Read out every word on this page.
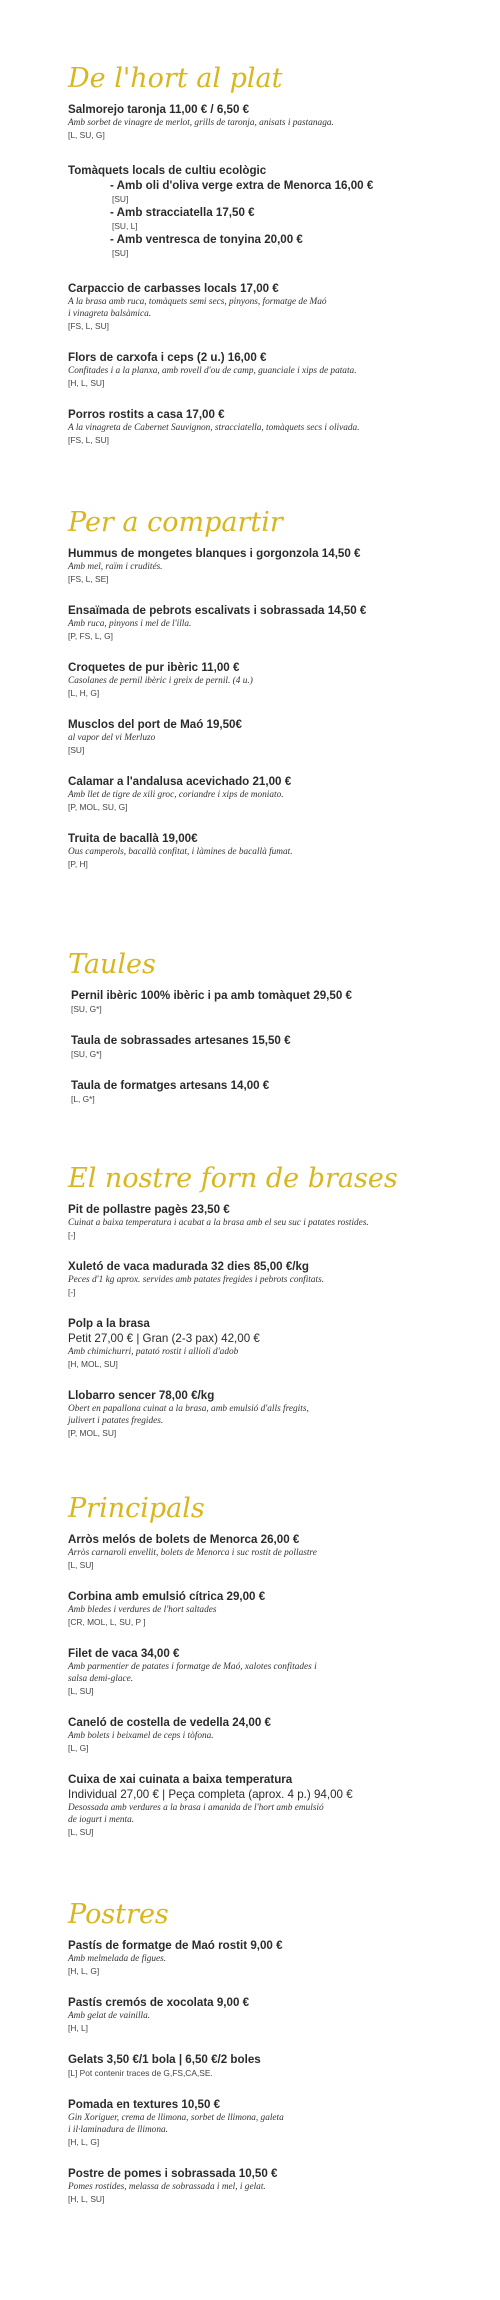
De l'hort al plat
Salmorejo taronja 11,00 € / 6,50 €
Amb sorbet de vinagre de merlot, grills de taronja, anisats i pastanaga.
[L, SU, G]
Tomàquets locals de cultiu ecològic
- Amb oli d'oliva verge extra de Menorca 16,00 €
[SU]
- Amb stracciatella 17,50 €
[SU, L]
- Amb ventresca de tonyina 20,00 €
[SU]
Carpaccio de carbasses locals 17,00 €
A la brasa amb ruca, tomàquets semi secs, pinyons, formatge de Maó
i vinagreta balsàmica.
[FS, L, SU]
Flors de carxofa i ceps (2 u.) 16,00 €
Confitades i a la planxa, amb rovell d'ou de camp, guanciale i xips de patata.
[H, L, SU]
Porros rostits a casa 17,00 €
A la vinagreta de Cabernet Sauvignon, stracciatella, tomàquets secs i olivada.
[FS, L, SU]
Per a compartir
Hummus de mongetes blanques i gorgonzola 14,50 €
Amb mel, raïm i crudités.
[FS, L, SE]
Ensaïmada de pebrots escalivats i sobrassada 14,50 €
Amb ruca, pinyons i mel de l'illa.
[P, FS, L, G]
Croquetes de pur ibèric 11,00 €
Casolanes de pernil ibèric i greix de pernil. (4 u.)
[L, H, G]
Musclos del port de Maó 19,50€
al vapor del vi Merluzo
[SU]
Calamar a l'andalusa acevichado 21,00 €
Amb llet de tigre de xili groc, coriandre i xips de moniato.
[P, MOL, SU, G]
Truita de bacallà 19,00€
Ous camperols, bacallà confitat, i làmines de bacallà fumat.
[P, H]
Taules
Pernil ibèric 100% ibèric i pa amb tomàquet 29,50 €
[SU, G*]
Taula de sobrassades artesanes 15,50 €
[SU, G*]
Taula de formatges artesans 14,00 €
[L, G*]
El nostre forn de brases
Pit de pollastre pagès 23,50 €
Cuinat a baixa temperatura i acabat a la brasa amb el seu suc i patates rostides.
[-]
Xuletó de vaca madurada 32 dies 85,00 €/kg
Peces d'1 kg aprox. servides amb patates fregides i pebrots confitats.
[-]
Polp a la brasa
Petit 27,00 € | Gran (2-3 pax) 42,00 €
Amb chimichurri, patató rostit i allioli d'adob
[H, MOL, SU]
Llobarro sencer 78,00 €/kg
Obert en papallona cuinat a la brasa, amb emulsió d'alls fregits,
julivert i patates fregides.
[P, MOL, SU]
Principals
Arròs melós de bolets de Menorca 26,00 €
Arròs carnaroli envellit, bolets de Menorca i suc rostit de pollastre
[L, SU]
Corbina amb emulsió cítrica 29,00 €
Amb bledes i verdures de l'hort saltades
[CR, MOL, L, SU, P ]
Filet de vaca 34,00 €
Amb parmentier de patates i formatge de Maó, xalotes confitades i
salsa demi-glace.
[L, SU]
Caneló de costella de vedella 24,00 €
Amb bolets i beixamel de ceps i tòfona.
[L, G]
Cuixa de xai cuinata a baixa temperatura
Individual 27,00 € | Peça completa (aprox. 4 p.) 94,00 €
Desossada amb verdures a la brasa i amanida de l'hort amb emulsió
de iogurt i menta.
[L, SU]
Postres
Pastís de formatge de Maó rostit 9,00 €
Amb melmelada de figues.
[H, L, G]
Pastís cremós de xocolata 9,00 €
Amb gelat de vainilla.
[H, L]
Gelats 3,50 €/1 bola | 6,50 €/2 boles
[L] Pot contenir traces de G,FS,CA,SE.
Pomada en textures 10,50 €
Gin Xoriguer, crema de llimona, sorbet de llimona, galeta
i il·laminadura de llimona.
[H, L, G]
Postre de pomes i sobrassada 10,50 €
Pomes rostides, melassa de sobrassada i mel, i gelat.
[H, L, SU]
